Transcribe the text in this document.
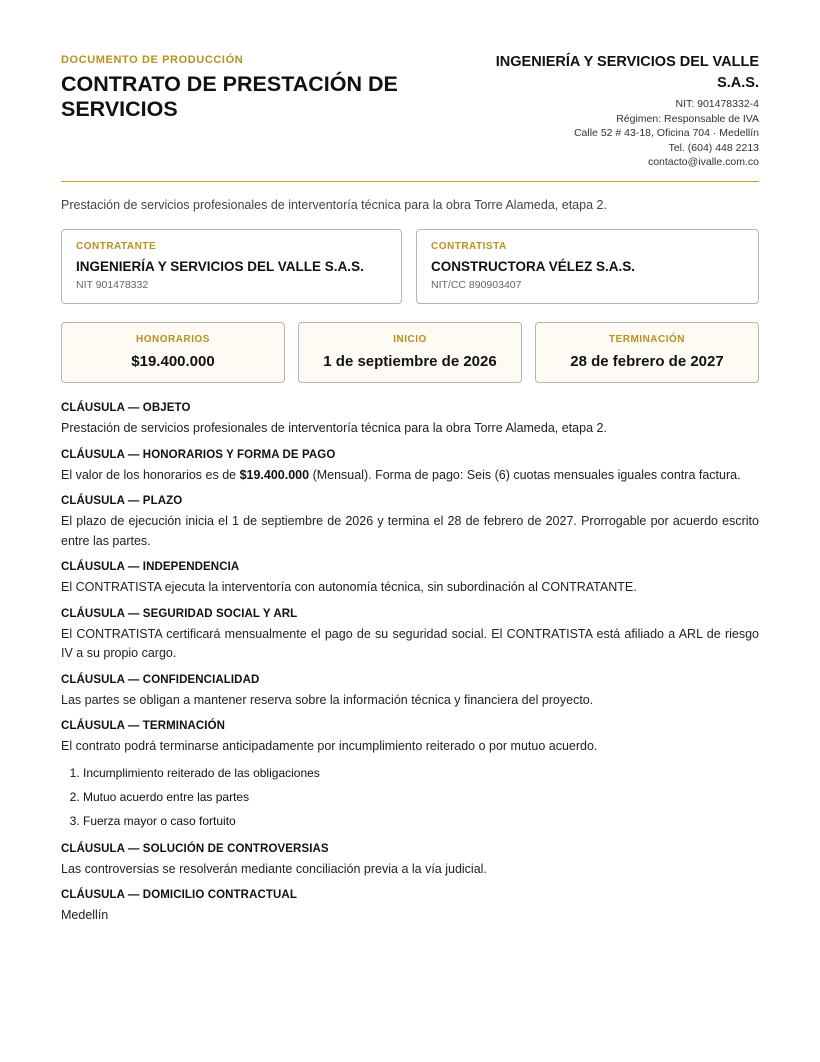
DOCUMENTO DE PRODUCCIÓN
CONTRATO DE PRESTACIÓN DE SERVICIOS
INGENIERÍA Y SERVICIOS DEL VALLE S.A.S.
NIT: 901478332-4
Régimen: Responsable de IVA
Calle 52 # 43-18, Oficina 704 · Medellín
Tel. (604) 448 2213
contacto@ivalle.com.co
Prestación de servicios profesionales de interventoría técnica para la obra Torre Alameda, etapa 2.
CONTRATANTE
INGENIERÍA Y SERVICIOS DEL VALLE S.A.S.
NIT 901478332
CONTRATISTA
CONSTRUCTORA VÉLEZ S.A.S.
NIT/CC 890903407
HONORARIOS
$19.400.000
INICIO
1 de septiembre de 2026
TERMINACIÓN
28 de febrero de 2027
CLÁUSULA — OBJETO
Prestación de servicios profesionales de interventoría técnica para la obra Torre Alameda, etapa 2.
CLÁUSULA — HONORARIOS Y FORMA DE PAGO
El valor de los honorarios es de $19.400.000 (Mensual). Forma de pago: Seis (6) cuotas mensuales iguales contra factura.
CLÁUSULA — PLAZO
El plazo de ejecución inicia el 1 de septiembre de 2026 y termina el 28 de febrero de 2027. Prorrogable por acuerdo escrito entre las partes.
CLÁUSULA — INDEPENDENCIA
El CONTRATISTA ejecuta la interventoría con autonomía técnica, sin subordinación al CONTRATANTE.
CLÁUSULA — SEGURIDAD SOCIAL Y ARL
El CONTRATISTA certificará mensualmente el pago de su seguridad social. El CONTRATISTA está afiliado a ARL de riesgo IV a su propio cargo.
CLÁUSULA — CONFIDENCIALIDAD
Las partes se obligan a mantener reserva sobre la información técnica y financiera del proyecto.
CLÁUSULA — TERMINACIÓN
El contrato podrá terminarse anticipadamente por incumplimiento reiterado o por mutuo acuerdo.
1. Incumplimiento reiterado de las obligaciones
2. Mutuo acuerdo entre las partes
3. Fuerza mayor o caso fortuito
CLÁUSULA — SOLUCIÓN DE CONTROVERSIAS
Las controversias se resolverán mediante conciliación previa a la vía judicial.
CLÁUSULA — DOMICILIO CONTRACTUAL
Medellín
